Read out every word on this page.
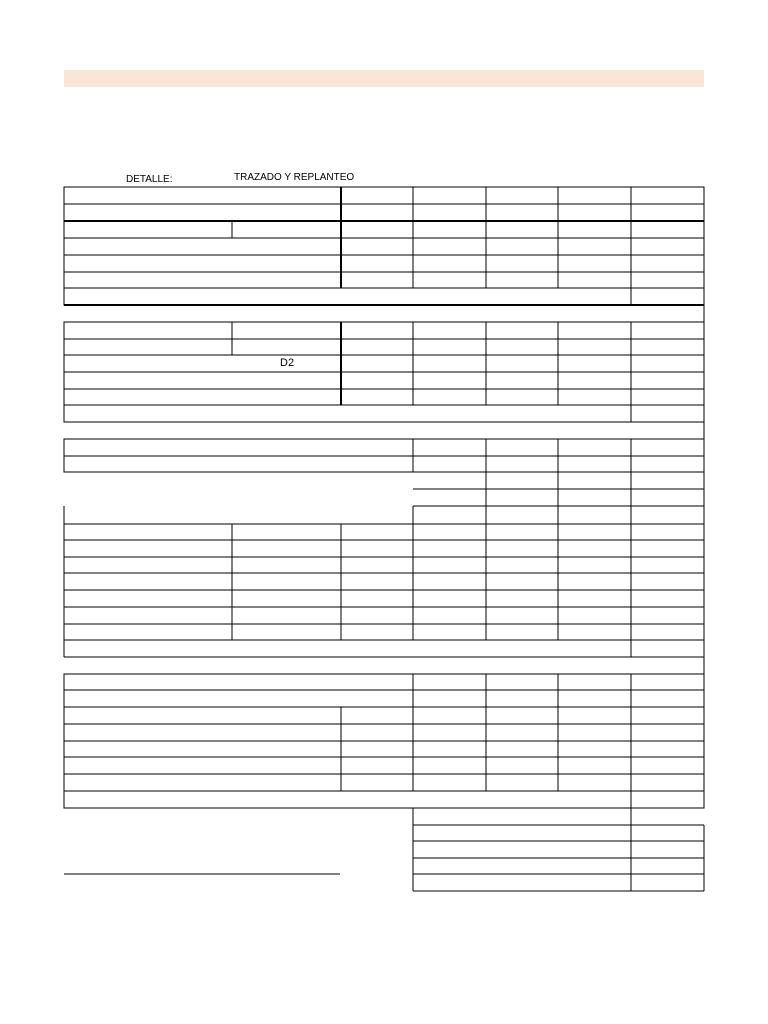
DETALLE:	TRAZADO Y REPLANTEO
D2
